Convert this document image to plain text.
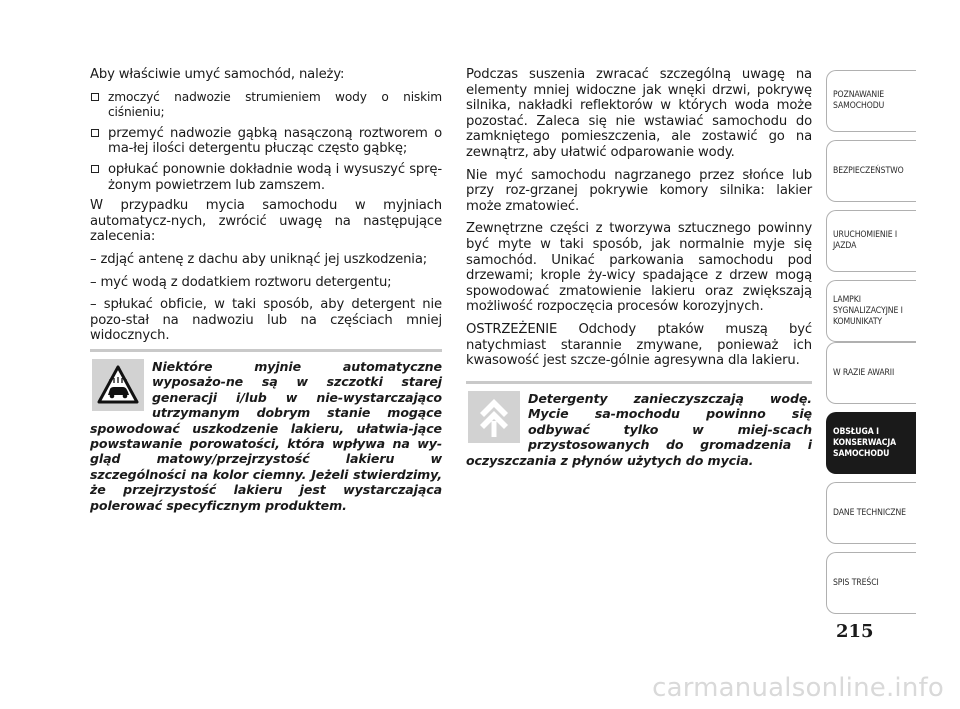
Aby właściwie umyć samochód, należy:

zmoczyć nadwozie strumieniem wody o niskim ciśnieniu;
przemyć nadwozie gąbką nasączoną roztworem o ma-łej ilości detergentu płucząc często gąbkę;
opłukać ponownie dokładnie wodą i wysuszyć sprę-żonym powietrzem lub zamszem.

W przypadku mycia samochodu w myjniach automatycz-nych, zwrócić uwagę na następujące zalecenia:

– zdjąć antenę z dachu aby uniknąć jej uszkodzenia;

– myć wodą z dodatkiem roztworu detergentu;

– spłukać obficie, w taki sposób, aby detergent nie pozo-stał na nadwoziu lub na częściach mniej widocznych.

Podczas suszenia zwracać szczególną uwagę na elementy mniej widoczne jak wnęki drzwi, pokrywę silnika, nakładki reflektorów w których woda może pozostać. Zaleca się nie wstawiać samochodu do zamkniętego pomieszczenia, ale zostawić go na zewnątrz, aby ułatwić odparowanie wody.

Nie myć samochodu nagrzanego przez słońce lub przy roz-grzanej pokrywie komory silnika: lakier może zmatowieć.

Zewnętrzne części z tworzywa sztucznego powinny być myte w taki sposób, jak normalnie myje się samochód. Unikać parkowania samochodu pod drzewami; krople ży-wicy spadające z drzew mogą spowodować zmatowienie lakieru oraz zwiększają możliwość rozpoczęcia procesów korozyjnych.

OSTRZEŻENIE Odchody ptaków muszą być natychmiast starannie zmywane, ponieważ ich kwasowość jest szcze-gólnie agresywna dla lakieru.

Niektóre myjnie automatyczne wyposażo-ne są w szczotki starej generacji i/lub w nie-wystarczająco utrzymanym dobrym stanie mogące spowodować uszkodzenie lakieru, ułatwia-jące powstawanie porowatości, która wpływa na wy-gląd matowy/przejrzystość lakieru w szczególności na kolor ciemny. Jeżeli stwierdzimy, że przejrzystość lakieru jest wystarczająca polerować specyficznym produktem.
Detergenty zanieczyszczają wodę. Mycie sa-mochodu powinno się odbywać tylko w miej-scach przystosowanych do gromadzenia i oczyszczania z płynów użytych do mycia.
POZNAWANIE SAMOCHODU
BEZPIECZEŃSTWO
URUCHOMIENIE I JAZDA
LAMPKI SYGNALIZACYJNE I KOMUNIKATY
W RAZIE AWARII
OBSŁUGA I KONSERWACJA SAMOCHODU
DANE TECHNICZNE
SPIS TREŚCI
215
carmanualsonline.info
